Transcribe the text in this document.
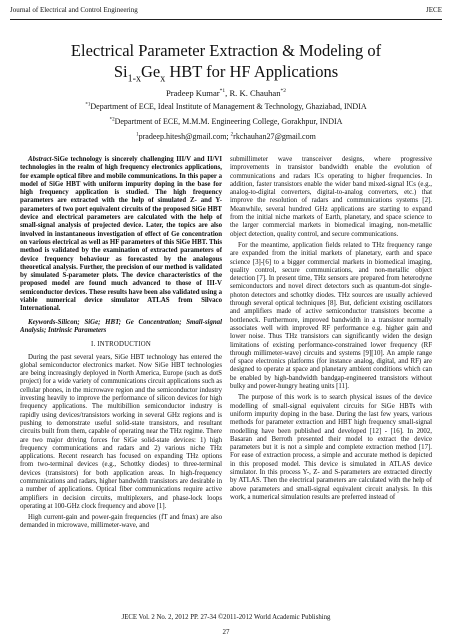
Journal of Electrical and Control Engineering	JECE
Electrical Parameter Extraction & Modeling of
$Si_{1-x}Ge_x$ HBT for HF Applications
Pradeep Kumar$^{*1}$, R. K. Chauhan$^{*2}$
$^{*1}$Department of ECE, Ideal Institute of Management & Technology, Ghaziabad, INDIA
$^{*2}$Department of ECE, M.M.M. Engineering College, Gorakhpur, INDIA
$^1$pradeep.hitesh@gmail.com; $^2$rkchauhan27@gmail.com

Abstract-SiGe technology is sincerely challenging III/V and II/VI technologies in the realm of high frequency electronics applications, for example optical fibre and mobile communications. In this paper a model of SiGe HBT with uniform impurity doping in the base for high frequency application is studied. The high frequency parameters are extracted with the help of simulated Z- and Y- parameters of two port equivalent circuits of the proposed SiGe HBT device and electrical parameters are calculated with the help of small-signal analysis of projected device. Later, the topics are also involved in instantaneous investigation of effect of Ge concentration on various electrical as well as HF parameters of this SiGe HBT. This method is validated by the examination of extracted parameters of device frequency behaviour as forecasted by the analogous theoretical analysis. Further, the precision of our method is validated by simulated S-parameter plots. The device characteristics of the proposed model are found much advanced to those of III-V semiconductor devices. These results have been also validated using a viable numerical device simulator ATLAS from Silvaco International.

Keywords-Silicon; SiGe; HBT; Ge Concentration; Small-signal Analysis; Intrinsic Parameters

I. INTRODUCTION

During the past several years, SiGe HBT technology has entered the global semiconductor electronics market. Now SiGe HBT technologies are being increasingly deployed in North America, Europe (such as dotS project) for a wide variety of communications circuit applications such as cellular phones, in the microwave region and the semiconductor industry investing heavily to improve the performance of silicon devices for high frequency applications. The multibillion semiconductor industry is rapidly using devices/transistors working in several GHz regions and is pushing to demonstrate useful solid-state transistors, and resultant circuits built from them, capable of operating near the THz regime. There are two major driving forces for SiGe solid-state devices: 1) high frequency communications and radars and 2) various niche THz applications. Recent research has focused on expanding THz options from two-terminal devices (e.g., Schottky diodes) to three-terminal devices (transistors) for both application areas. In high-frequency communications and radars, higher bandwidth transistors are desirable in a number of applications. Optical fiber communications require active amplifiers in decision circuits, multiplexers, and phase-lock loops operating at 100-GHz clock frequency and above [1].

High current-gain and power-gain frequencies (fT and fmax) are also demanded in microwave, millimeter-wave, and

submillimeter wave transceiver designs, where progressive improvements in transistor bandwidth enable the evolution of communications and radars ICs operating to higher frequencies. In addition, faster transistors enable the wider band mixed-signal ICs (e.g., analog-to-digital converters, digital-to-analog converters, etc.) that improve the resolution of radars and communications systems [2]. Meanwhile, several hundred GHz applications are starting to expand from the initial niche markets of Earth, planetary, and space science to the larger commercial markets in biomedical imaging, non-metallic object detection, quality control, and secure communications.

For the meantime, application fields related to THz frequency range are expanded from the initial markets of planetary, earth and space science [3]-[6] to a bigger commercial markets in biomedical imaging, quality control, secure communications, and non-metallic object detection [7]. In present time, THz sensors are prepared from heterodyne semiconductors and novel direct detectors such as quantum-dot single-photon detectors and schottky diodes. THz sources are usually achieved through several optical techniques [8]. But, deficient existing oscillators and amplifiers made of active semiconductor transistors become a bottleneck. Furthermore, improved bandwidth in a transistor normally associates well with improved RF performance e.g. higher gain and lower noise. Thus THz transistors can significantly widen the design limitations of existing performance-constrained lower frequency (RF through millimeter-wave) circuits and systems [9][10]. An ample range of space electronics platforms (for instance analog, digital, and RF) are designed to operate at space and planetary ambient conditions which can be enabled by high-bandwidth bandgap-engineered transistors without bulky and power-hungry heating units [11].

The purpose of this work is to search physical issues of the device modelling of small-signal equivalent circuits for SiGe HBTs with uniform impurity doping in the base. During the last few years, various methods for parameter extraction and HBT high frequency small-signal modelling have been published and developed [12] - [16]. In 2002, Basaran and Berroth presented their model to extract the device parameters but it is not a simple and complete extraction method [17]. For ease of extraction process, a simple and accurate method is depicted in this proposed model. This device is simulated in ATLAS device simulator. In this process Y-, Z- and S-parameters are extracted directly by ATLAS. Then the electrical parameters are calculated with the help of above parameters and small-signal equivalent circuit analysis. In this work, a numerical simulation results are preferred instead of

JECE Vol. 2 No. 2, 2012 PP. 27-34 ©2011-2012 World Academic Publishing
27
